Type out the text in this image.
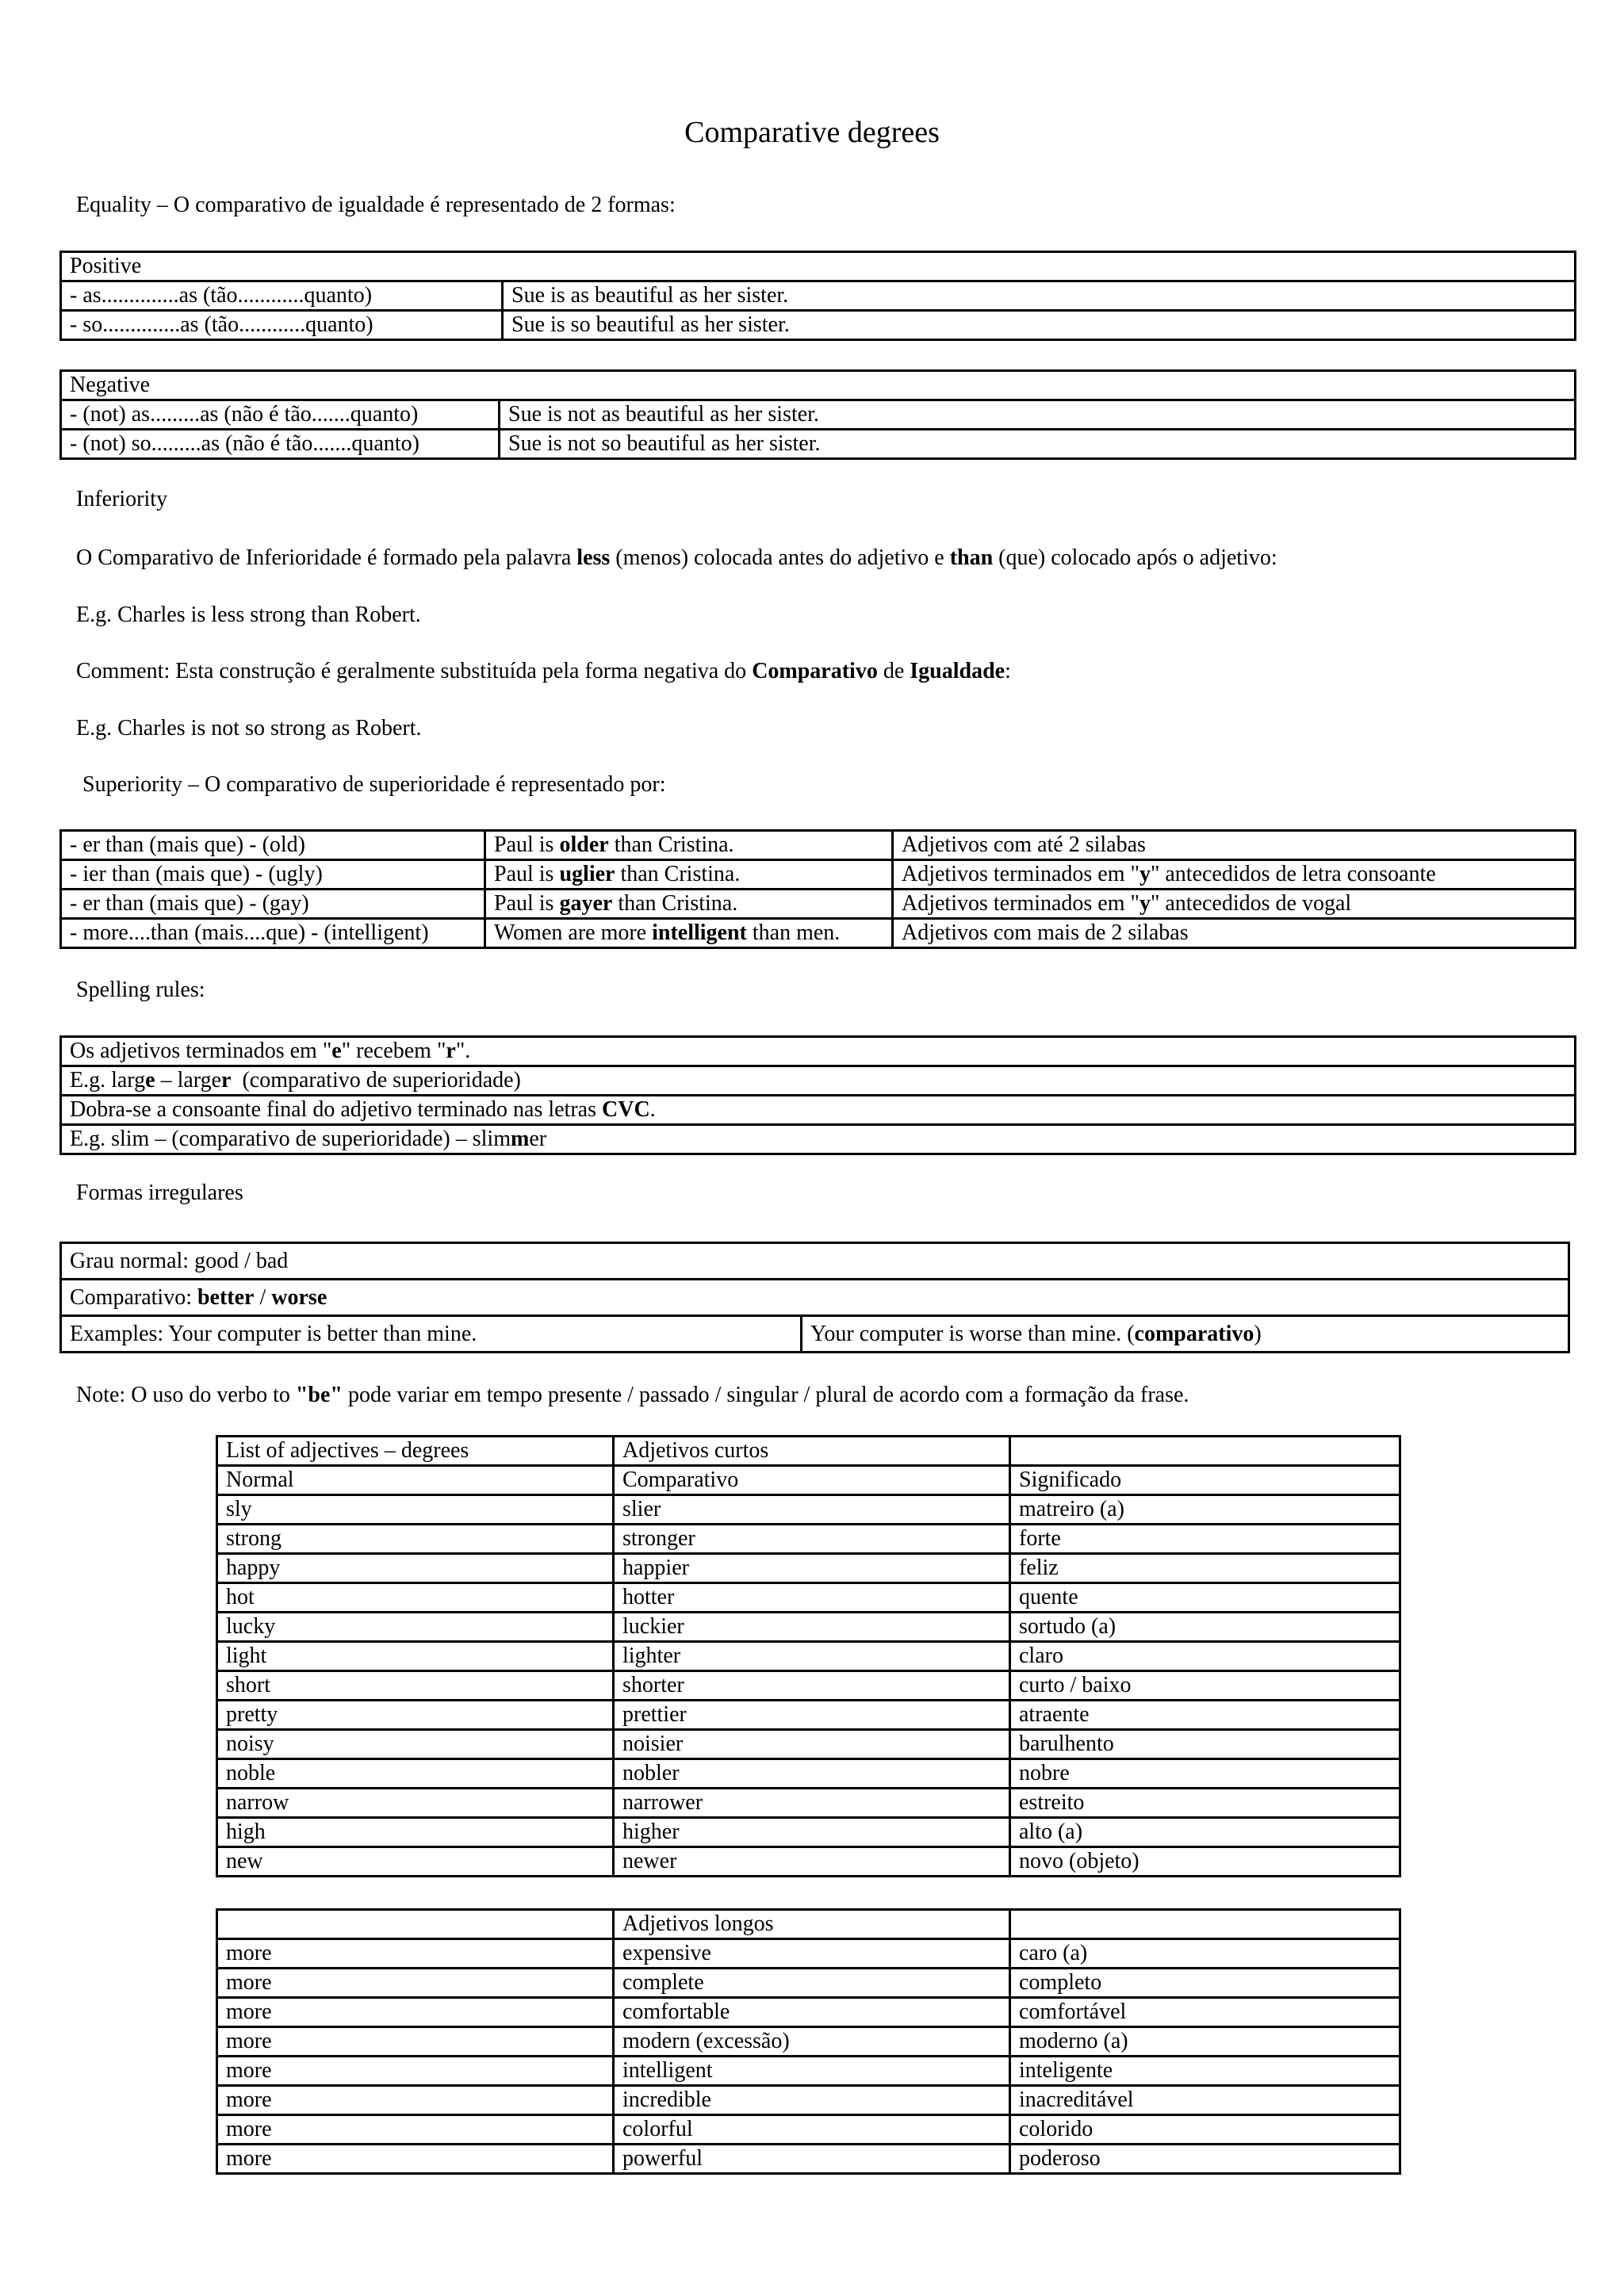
Comparative degrees
Equality – O comparativo de igualdade é representado de 2 formas:
Positive	
- as..............as (tão............quanto)	Sue is as beautiful as her sister.
- so..............as (tão............quanto)	Sue is so beautiful as her sister.
Negative	
- (not) as.........as (não é tão.......quanto)	Sue is not as beautiful as her sister.
- (not) so.........as (não é tão.......quanto)	Sue is not so beautiful as her sister.
Inferiority
O Comparativo de Inferioridade é formado pela palavra less (menos) colocada antes do adjetivo e than (que) colocado após o adjetivo:
E.g. Charles is less strong than Robert.
Comment: Esta construção é geralmente substituída pela forma negativa do Comparativo de Igualdade:
E.g. Charles is not so strong as Robert.
Superiority – O comparativo de superioridade é representado por:
- er than (mais que) - (old)	Paul is older than Cristina.	Adjetivos com até 2 silabas
- ier than (mais que) - (ugly)	Paul is uglier than Cristina.	Adjetivos terminados em "y" antecedidos de letra consoante
- er than (mais que) - (gay)	Paul is gayer than Cristina.	Adjetivos terminados em "y" antecedidos de vogal
- more....than (mais....que) - (intelligent)	Women are more intelligent than men.	Adjetivos com mais de 2 silabas
Spelling rules:
Os adjetivos terminados em "e" recebem "r".
E.g. large – larger  (comparativo de superioridade)
Dobra-se a consoante final do adjetivo terminado nas letras CVC.
E.g. slim – (comparativo de superioridade) – slimmer
Formas irregulares
Grau normal: good / bad
Comparativo: better / worse
Examples: Your computer is better than mine.	Your computer is worse than mine. (comparativo)
Note: O uso do verbo to "be" pode variar em tempo presente / passado / singular / plural de acordo com a formação da frase.
List of adjectives – degrees	Adjetivos curtos	
Normal	Comparativo	Significado
sly	slier	matreiro (a)
strong	stronger	forte
happy	happier	feliz
hot	hotter	quente
lucky	luckier	sortudo (a)
light	lighter	claro
short	shorter	curto / baixo
pretty	prettier	atraente
noisy	noisier	barulhento
noble	nobler	nobre
narrow	narrower	estreito
high	higher	alto (a)
new	newer	novo (objeto)
	Adjetivos longos	
more	expensive	caro (a)
more	complete	completo
more	comfortable	comfortável
more	modern (excessão)	moderno (a)
more	intelligent	inteligente
more	incredible	inacreditável
more	colorful	colorido
more	powerful	poderoso
